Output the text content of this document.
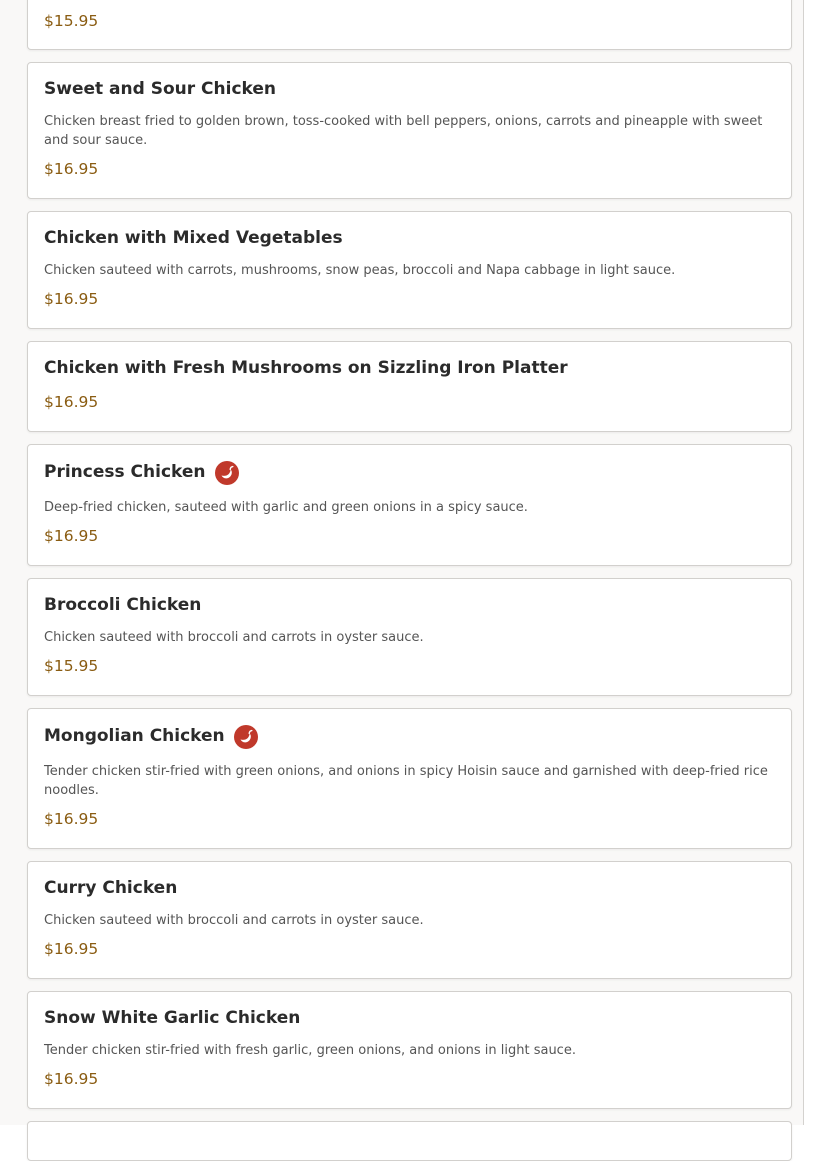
$15.95
Sweet and Sour Chicken
Chicken breast fried to golden brown, toss-cooked with bell peppers, onions, carrots and pineapple with sweet and sour sauce.
$16.95
Chicken with Mixed Vegetables
Chicken sauteed with carrots, mushrooms, snow peas, broccoli and Napa cabbage in light sauce.
$16.95
Chicken with Fresh Mushrooms on Sizzling Iron Platter
$16.95
Princess Chicken
Deep-fried chicken, sauteed with garlic and green onions in a spicy sauce.
$16.95
Broccoli Chicken
Chicken sauteed with broccoli and carrots in oyster sauce.
$15.95
Mongolian Chicken
Tender chicken stir-fried with green onions, and onions in spicy Hoisin sauce and garnished with deep-fried rice noodles.
$16.95
Curry Chicken
Chicken sauteed with broccoli and carrots in oyster sauce.
$16.95
Snow White Garlic Chicken
Tender chicken stir-fried with fresh garlic, green onions, and onions in light sauce.
$16.95
